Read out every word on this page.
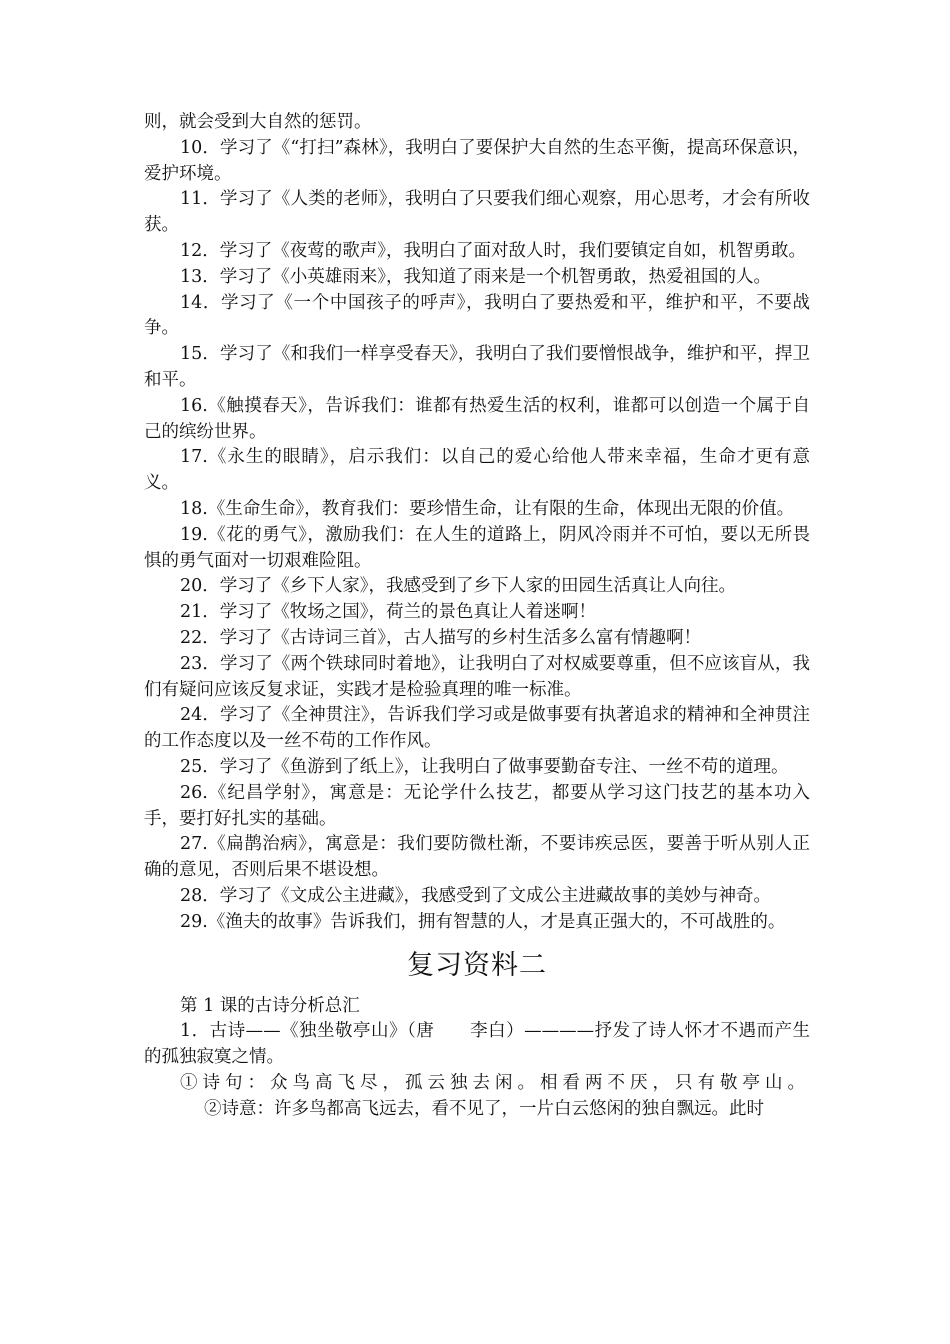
则，就会受到大自然的惩罚。

10．学习了《“打扫”森林》，我明白了要保护大自然的生态平衡，提高环保意识，爱护环境。

11．学习了《人类的老师》，我明白了只要我们细心观察，用心思考，才会有所收获。

12．学习了《夜莺的歌声》，我明白了面对敌人时，我们要镇定自如，机智勇敢。

13．学习了《小英雄雨来》，我知道了雨来是一个机智勇敢，热爱祖国的人。

14．学习了《一个中国孩子的呼声》，我明白了要热爱和平，维护和平，不要战争。

15．学习了《和我们一样享受春天》，我明白了我们要憎恨战争，维护和平，捍卫和平。

16.《触摸春天》，告诉我们：谁都有热爱生活的权利，谁都可以创造一个属于自己的缤纷世界。

17.《永生的眼睛》，启示我们：以自己的爱心给他人带来幸福，生命才更有意义。

18.《生命生命》，教育我们：要珍惜生命，让有限的生命，体现出无限的价值。

19.《花的勇气》，激励我们：在人生的道路上，阴风冷雨并不可怕，要以无所畏惧的勇气面对一切艰难险阻。

20．学习了《乡下人家》，我感受到了乡下人家的田园生活真让人向往。

21．学习了《牧场之国》，荷兰的景色真让人着迷啊！

22．学习了《古诗词三首》，古人描写的乡村生活多么富有情趣啊！

23．学习了《两个铁球同时着地》，让我明白了对权威要尊重，但不应该盲从，我们有疑问应该反复求证，实践才是检验真理的唯一标准。

24．学习了《全神贯注》，告诉我们学习或是做事要有执著追求的精神和全神贯注的工作态度以及一丝不苟的工作作风。

25．学习了《鱼游到了纸上》，让我明白了做事要勤奋专注、一丝不苟的道理。

26.《纪昌学射》，寓意是：无论学什么技艺，都要从学习这门技艺的基本功入手，要打好扎实的基础。

27.《扁鹊治病》，寓意是：我们要防微杜渐，不要讳疾忌医，要善于听从别人正确的意见，否则后果不堪设想。

28．学习了《文成公主进藏》，我感受到了文成公主进藏故事的美妙与神奇。

29.《渔夫的故事》告诉我们，拥有智慧的人，才是真正强大的，不可战胜的。

复习资料二

第 1 课的古诗分析总汇

1．古诗——《独坐敬亭山》（唐　　李白）————抒发了诗人怀才不遇而产生的孤独寂寞之情。

①诗句：众鸟高飞尽，孤云独去闲。相看两不厌，只有敬亭山。

②诗意：许多鸟都高飞远去，看不见了，一片白云悠闲的独自飘远。此时
